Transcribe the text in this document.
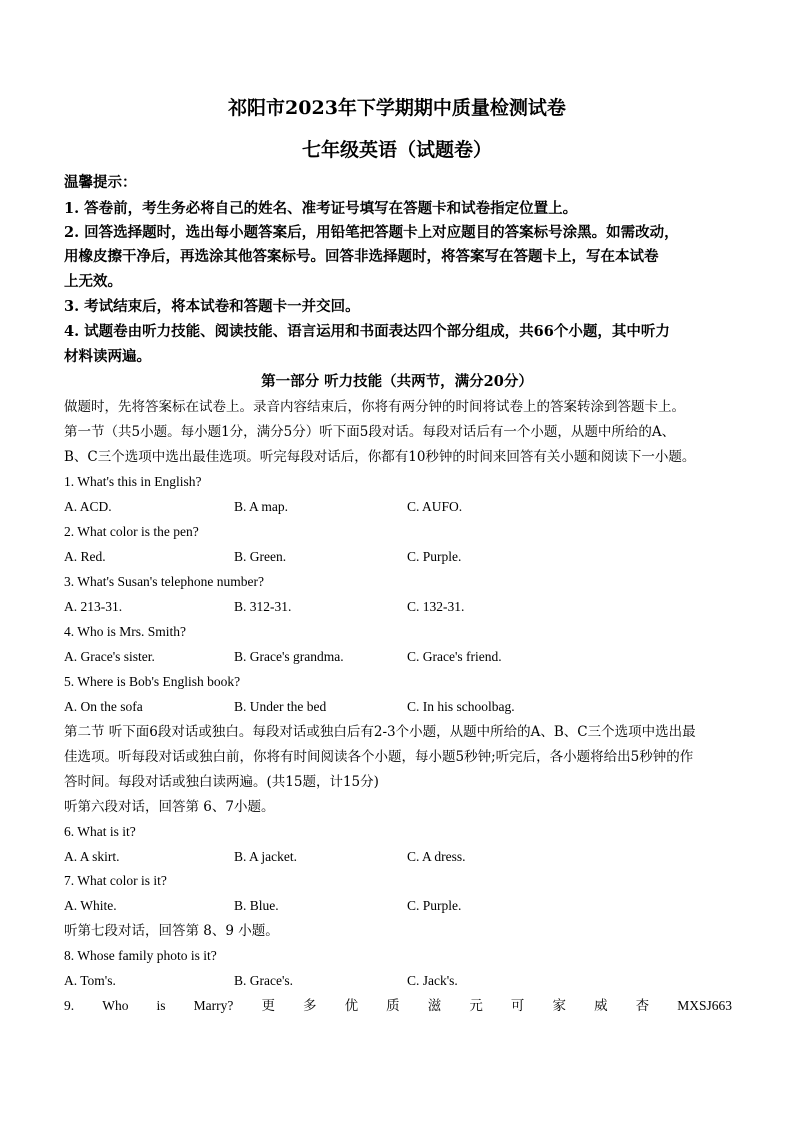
祁阳市2023年下学期期中质量检测试卷
七年级英语（试题卷）
温馨提示：
1. 答卷前，考生务必将自己的姓名、准考证号填写在答题卡和试卷指定位置上。
2. 回答选择题时，选出每小题答案后，用铅笔把答题卡上对应题目的答案标号涂黑。如需改动，
用橡皮擦干净后，再选涂其他答案标号。回答非选择题时，将答案写在答题卡上，写在本试卷
上无效。
3. 考试结束后，将本试卷和答题卡一并交回。
4. 试题卷由听力技能、阅读技能、语言运用和书面表达四个部分组成，共66个小题，其中听力
材料读两遍。
第一部分 听力技能（共两节，满分20分）
做题时，先将答案标在试卷上。录音内容结束后，你将有两分钟的时间将试卷上的答案转涂到答题卡上。
第一节（共5小题。每小题1分，满分5分）听下面5段对话。每段对话后有一个小题，从题中所给的A、
B、C三个选项中选出最佳选项。听完每段对话后，你都有10秒钟的时间来回答有关小题和阅读下一小题。
1. What's this in English?
A. ACD.	B. A map.	C. AUFO.
2. What color is the pen?
A. Red.	B. Green.	C. Purple.
3. What's Susan's telephone number?
A. 213-31.	B. 312-31.	C. 132-31.
4. Who is Mrs. Smith?
A. Grace's sister.	B. Grace's grandma.	C. Grace's friend.
5. Where is Bob's English book?
A. On the sofa	B. Under the bed	C. In his schoolbag.
第二节 听下面6段对话或独白。每段对话或独白后有2-3个小题，从题中所给的A、B、C三个选项中选出最
佳选项。听每段对话或独白前，你将有时间阅读各个小题，每小题5秒钟;听完后，各小题将给出5秒钟的作
答时间。每段对话或独白读两遍。(共15题，计15分)
听第六段对话，回答第 6、7小题。
6. What is it?
A. A skirt.	B. A jacket.	C. A dress.
7. What color is it?
A. White.	B. Blue.	C. Purple.
听第七段对话，回答第 8、9 小题。
8. Whose family photo is it?
A. Tom's.	B. Grace's.	C. Jack's.
9. Who is Marry? 更 多 优 质 滋 元 可 家 威 杏 MXSJ663
